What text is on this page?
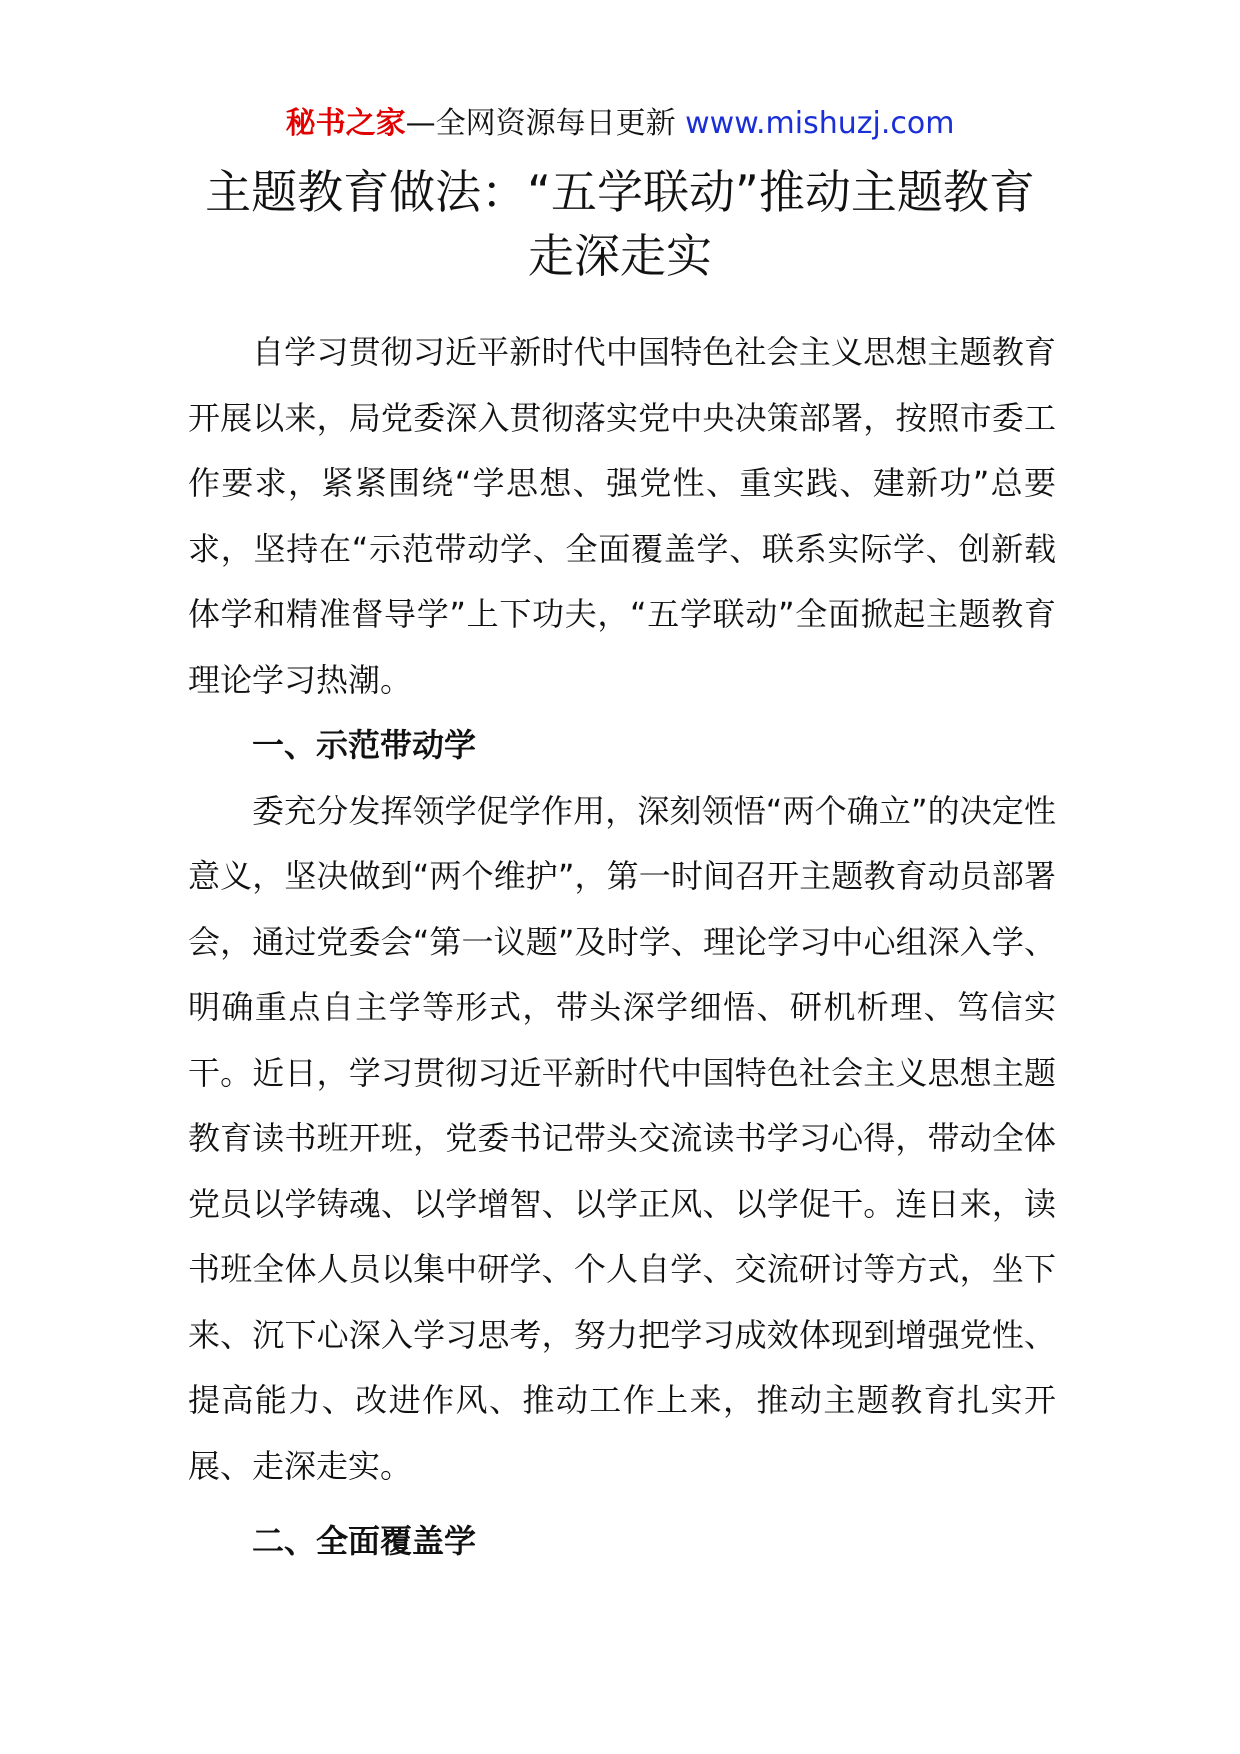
秘书之家—全网资源每日更新 www.mishuzj.com
主题教育做法：“五学联动”推动主题教育走深走实

自学习贯彻习近平新时代中国特色社会主义思想主题教育开展以来，局党委深入贯彻落实党中央决策部署，按照市委工作要求，紧紧围绕“学思想、强党性、重实践、建新功”总要求，坚持在“示范带动学、全面覆盖学、联系实际学、创新载体学和精准督导学”上下功夫，“五学联动”全面掀起主题教育理论学习热潮。

一、示范带动学

委充分发挥领学促学作用，深刻领悟“两个确立”的决定性意义，坚决做到“两个维护”，第一时间召开主题教育动员部署会，通过党委会“第一议题”及时学、理论学习中心组深入学、明确重点自主学等形式，带头深学细悟、研机析理、笃信实干。近日，学习贯彻习近平新时代中国特色社会主义思想主题教育读书班开班，党委书记带头交流读书学习心得，带动全体党员以学铸魂、以学增智、以学正风、以学促干。连日来，读书班全体人员以集中研学、个人自学、交流研讨等方式，坐下来、沉下心深入学习思考，努力把学习成效体现到增强党性、提高能力、改进作风、推动工作上来，推动主题教育扎实开展、走深走实。

二、全面覆盖学
